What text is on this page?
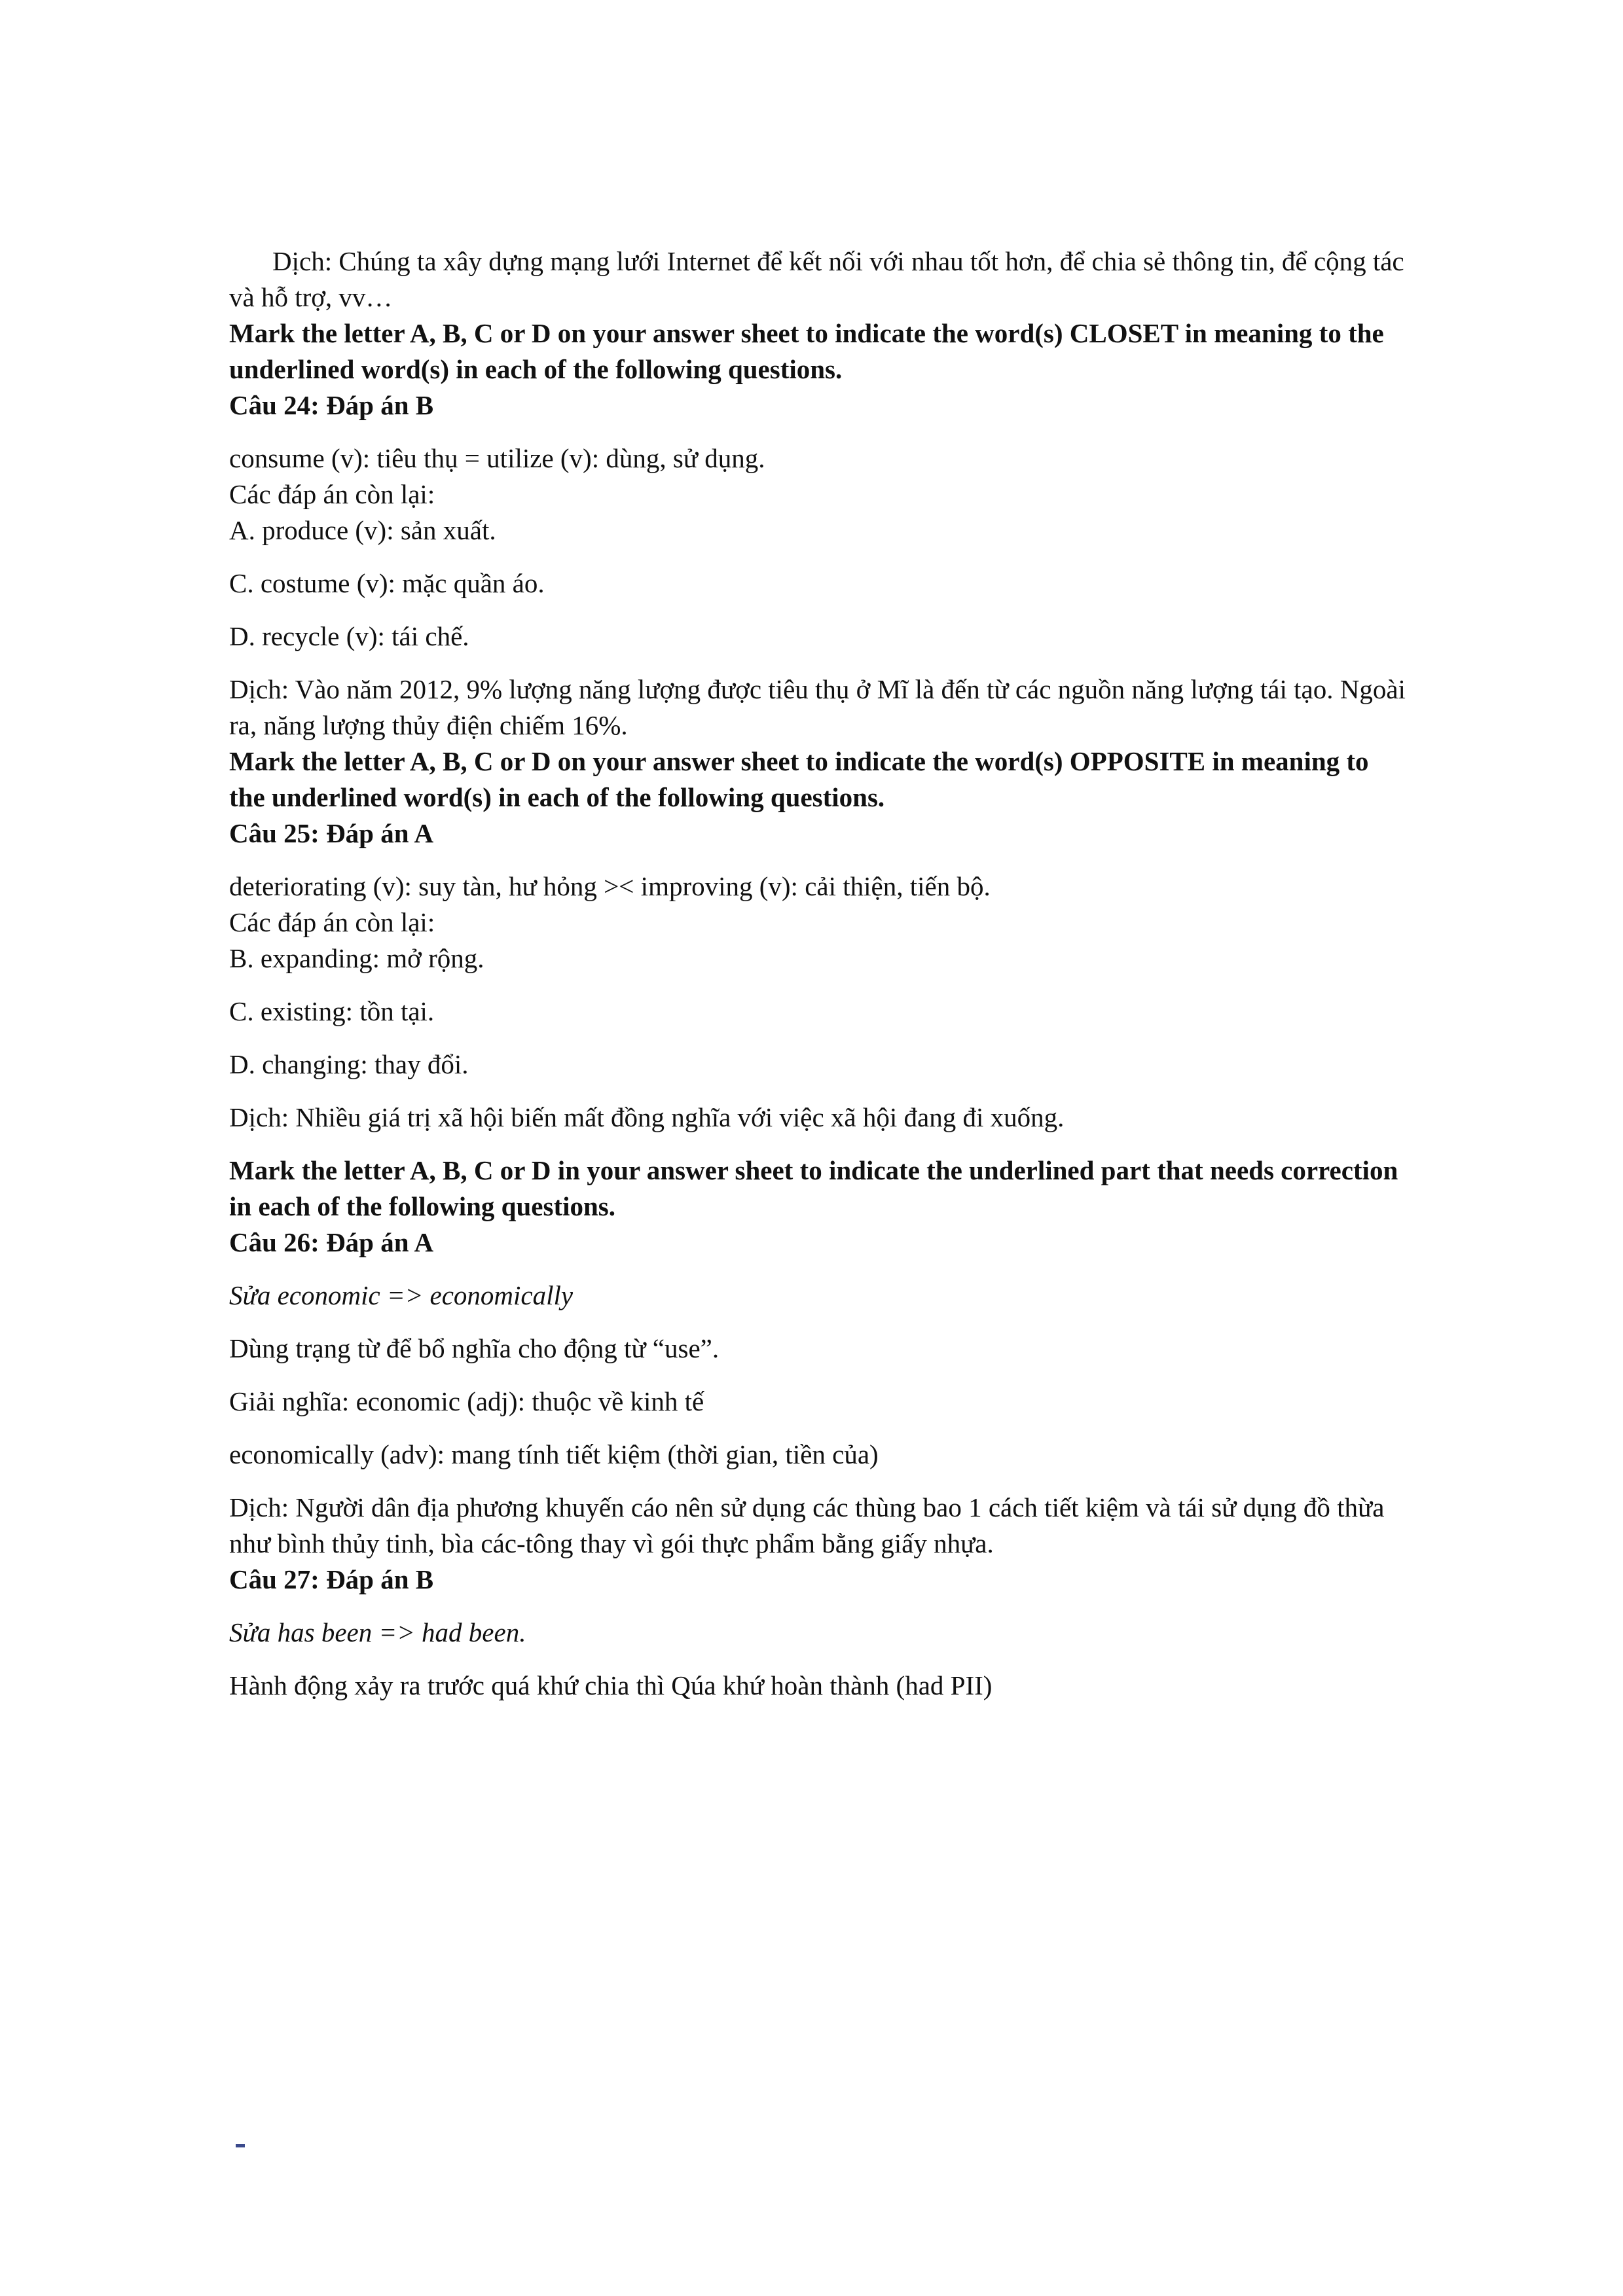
Dịch: Chúng ta xây dựng mạng lưới Internet để kết nối với nhau tốt hơn, để chia sẻ thông tin, để cộng tác và hỗ trợ, vv…

Mark the letter A, B, C or D on your answer sheet to indicate the word(s) CLOSET in meaning to the underlined word(s) in each of the following questions.

Câu 24: Đáp án B

consume (v): tiêu thụ = utilize (v): dùng, sử dụng.

Các đáp án còn lại:

A. produce (v): sản xuất.

C. costume (v): mặc quần áo.

D. recycle (v): tái chế.

Dịch: Vào năm 2012, 9% lượng năng lượng được tiêu thụ ở Mĩ là đến từ các nguồn năng lượng tái tạo. Ngoài ra, năng lượng thủy điện chiếm 16%.

Mark the letter A, B, C or D on your answer sheet to indicate the word(s) OPPOSITE in meaning to the underlined word(s) in each of the following questions.

Câu 25: Đáp án A

deteriorating (v): suy tàn, hư hỏng >< improving (v): cải thiện, tiến bộ.

Các đáp án còn lại:

B. expanding: mở rộng.

C. existing: tồn tại.

D. changing: thay đổi.

Dịch: Nhiều giá trị xã hội biến mất đồng nghĩa với việc xã hội đang đi xuống.

Mark the letter A, B, C or D in your answer sheet to indicate the underlined part that needs correction in each of the following questions.

Câu 26: Đáp án A

Sửa economic => economically

Dùng trạng từ để bổ nghĩa cho động từ “use”.

Giải nghĩa: economic (adj): thuộc về kinh tế

economically (adv): mang tính tiết kiệm (thời gian, tiền của)

Dịch: Người dân địa phương khuyến cáo nên sử dụng các thùng bao 1 cách tiết kiệm và tái sử dụng đồ thừa như bình thủy tinh, bìa các-tông thay vì gói thực phẩm bằng giấy nhựa.

Câu 27: Đáp án B

Sửa has been => had been.

Hành động xảy ra trước quá khứ chia thì Qúa khứ hoàn thành (had PII)
